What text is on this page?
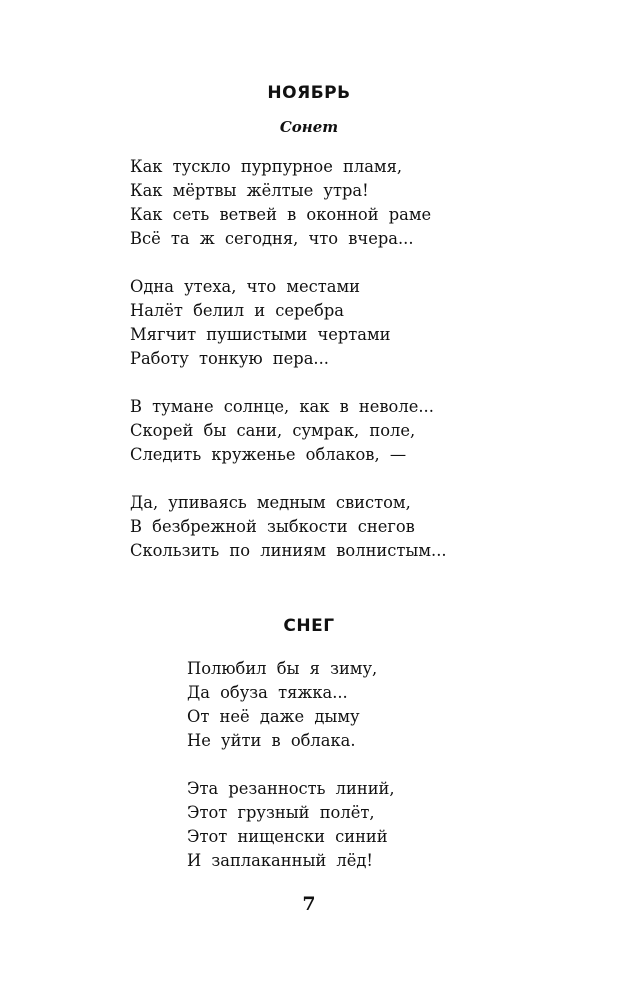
НОЯБРЬ
Сонет
Как тускло пурпурное пламя,
Как мёртвы жёлтые утра!
Как сеть ветвей в оконной раме
Всё та ж сегодня, что вчера...
Одна утеха, что местами
Налёт белил и серебра
Мягчит пушистыми чертами
Работу тонкую пера...
В тумане солнце, как в неволе...
Скорей бы сани, сумрак, поле,
Следить круженье облаков, —
Да, упиваясь медным свистом,
В безбрежной зыбкости снегов
Скользить по линиям волнистым...
СНЕГ
Полюбил бы я зиму,
Да обуза тяжка...
От неё даже дыму
Не уйти в облака.
Эта резанность линий,
Этот грузный полёт,
Этот нищенски синий
И заплаканный лёд!
7
